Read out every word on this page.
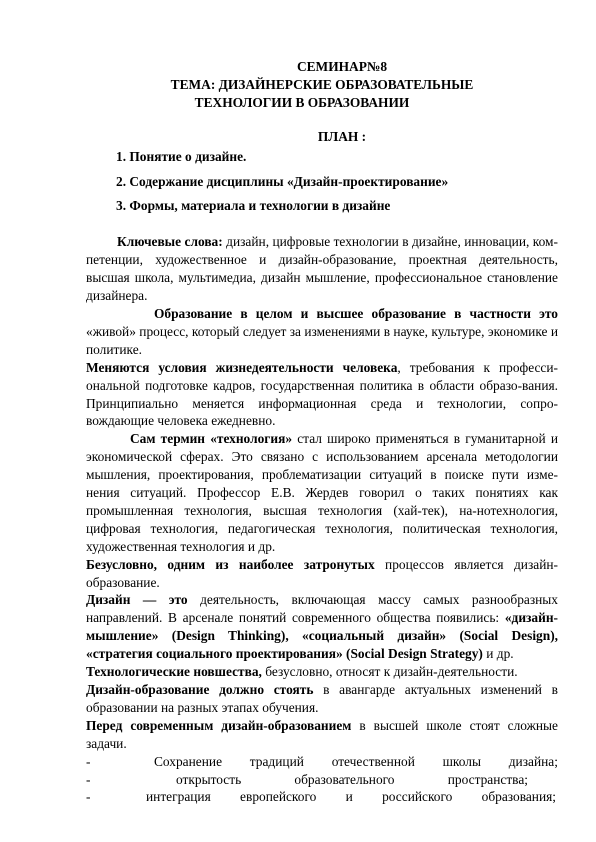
СЕМИНАР№8
ТЕМА: ДИЗАЙНЕРСКИЕ ОБРАЗОВАТЕЛЬНЫЕ
ТЕХНОЛОГИИ В ОБРАЗОВАНИИ
ПЛАН :
1. Понятие о дизайне.
2. Содержание дисциплины «Дизайн-проектирование»
3. Формы, материала и технологии в дизайне

Ключевые слова: дизайн, цифровые технологии в дизайне, инновации, ком-петенции, художественное и дизайн-образование, проектная деятельность, высшая школа, мультимедиа, дизайн мышление, профессиональное становление дизайнера.

Образование в целом и высшее образование в частности это «живой» процесс, который следует за изменениями в науке, культуре, экономике и политике.

Меняются условия жизнедеятельности человека, требования к професси-ональной подготовке кадров, государственная политика в области образо-вания. Принципиально меняется информационная среда и технологии, сопро-вождающие человека ежедневно.

Сам термин «технология» стал широко применяться в гуманитарной и экономической сферах. Это связано с использованием арсенала методологии мышления, проектирования, проблематизации ситуаций в поиске пути изме-нения ситуаций. Профессор Е.В. Жердев говорил о таких понятиях как промышленная технология, высшая технология (хай-тек), на-нотехнология, цифровая технология, педагогическая технология, политическая технология, художественная технология и др.

Безусловно, одним из наиболее затронутых процессов является дизайн-образование.

Дизайн — это деятельность, включающая массу самых разнообразных направлений. В арсенале понятий современного общества появились: «дизайн-мышление» (Design Thinking), «социальный дизайн» (Social Design), «стратегия социального проектирования» (Social Design Strategy) и др.

Технологические новшества, безусловно, относят к дизайн-деятельности.

Дизайн-образование должно стоять в авангарде актуальных изменений в образовании на разных этапах обучения.

Перед современным дизайн-образованием в высшей школе стоят сложные задачи.

-	Сохранение традиций отечественной школы дизайна;
-	открытость	образовательного	пространства;
-	интеграция европейского и российского образования;
